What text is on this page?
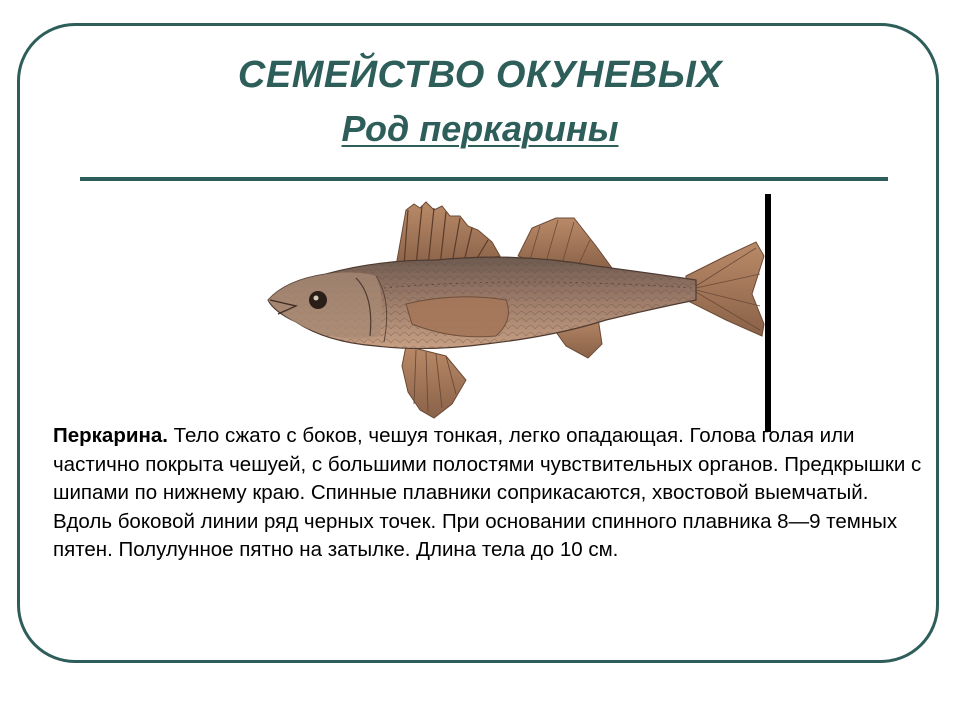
СЕМЕЙСТВО ОКУНЕВЫХ
Род перкарины

Перкарина. Тело сжато с боков, чешуя тонкая, легко опадающая. Голова голая или частично покрыта чешуей, с большими полостями чувствительных органов. Предкрышки с шипами по нижнему краю. Спинные плавники соприкасаются, хвостовой выемчатый. Вдоль боковой линии ряд черных точек. При основании спинного плавника 8—9 темных пятен. Полулунное пятно на затылке. Длина тела до 10 см.
